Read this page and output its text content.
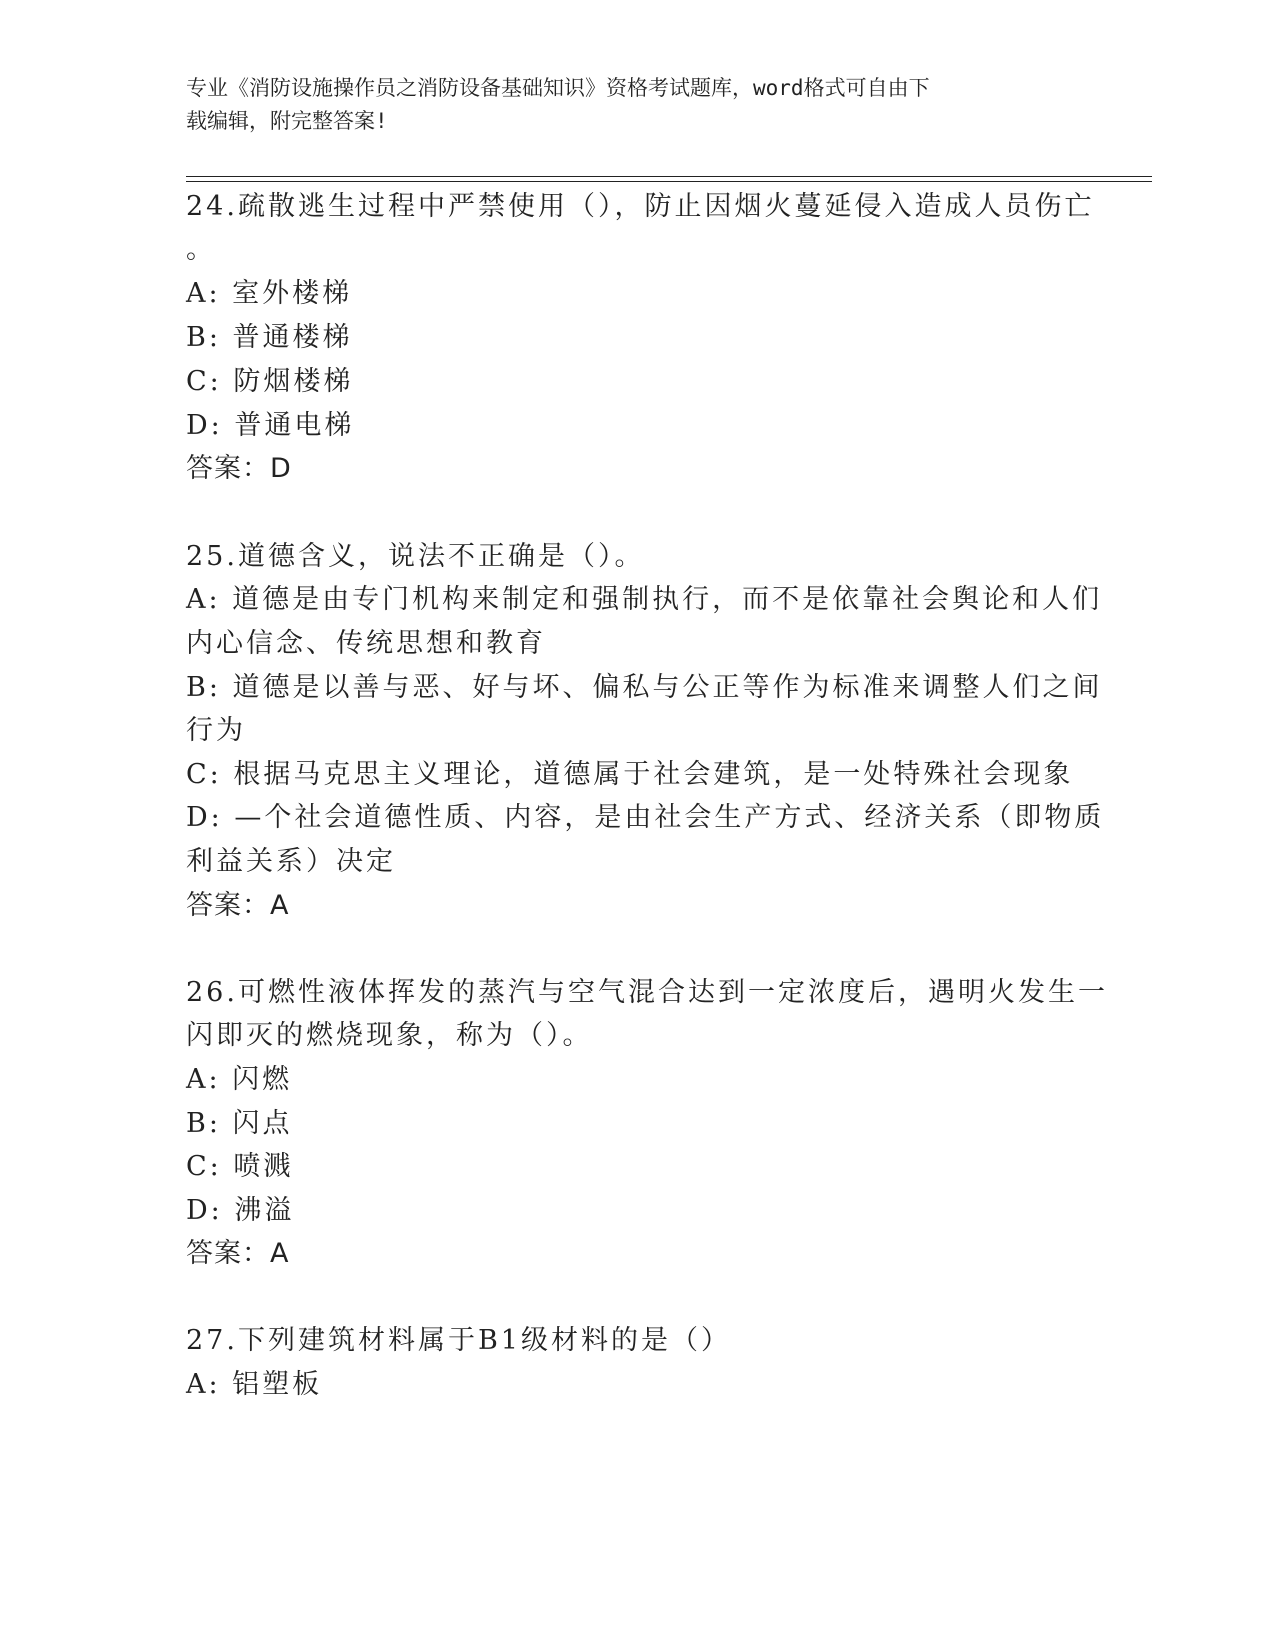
专业《消防设施操作员之消防设备基础知识》资格考试题库，word格式可自由下
载编辑，附完整答案!
24.疏散逃生过程中严禁使用（），防止因烟火蔓延侵入造成人员伤亡
。
A: 室外楼梯
B: 普通楼梯
C: 防烟楼梯
D: 普通电梯
答案：D
25.道德含义，说法不正确是（）。
A: 道德是由专门机构来制定和强制执行，而不是依靠社会舆论和人们
内心信念、传统思想和教育
B: 道德是以善与恶、好与坏、偏私与公正等作为标准来调整人们之间
行为
C: 根据马克思主义理论，道德属于社会建筑，是一处特殊社会现象
D: —个社会道德性质、内容，是由社会生产方式、经济关系（即物质
利益关系）决定
答案：A
26.可燃性液体挥发的蒸汽与空气混合达到一定浓度后，遇明火发生一
闪即灭的燃烧现象，称为（）。
A: 闪燃
B: 闪点
C: 喷溅
D: 沸溢
答案：A
27.下列建筑材料属于B1级材料的是（）
A: 铝塑板
